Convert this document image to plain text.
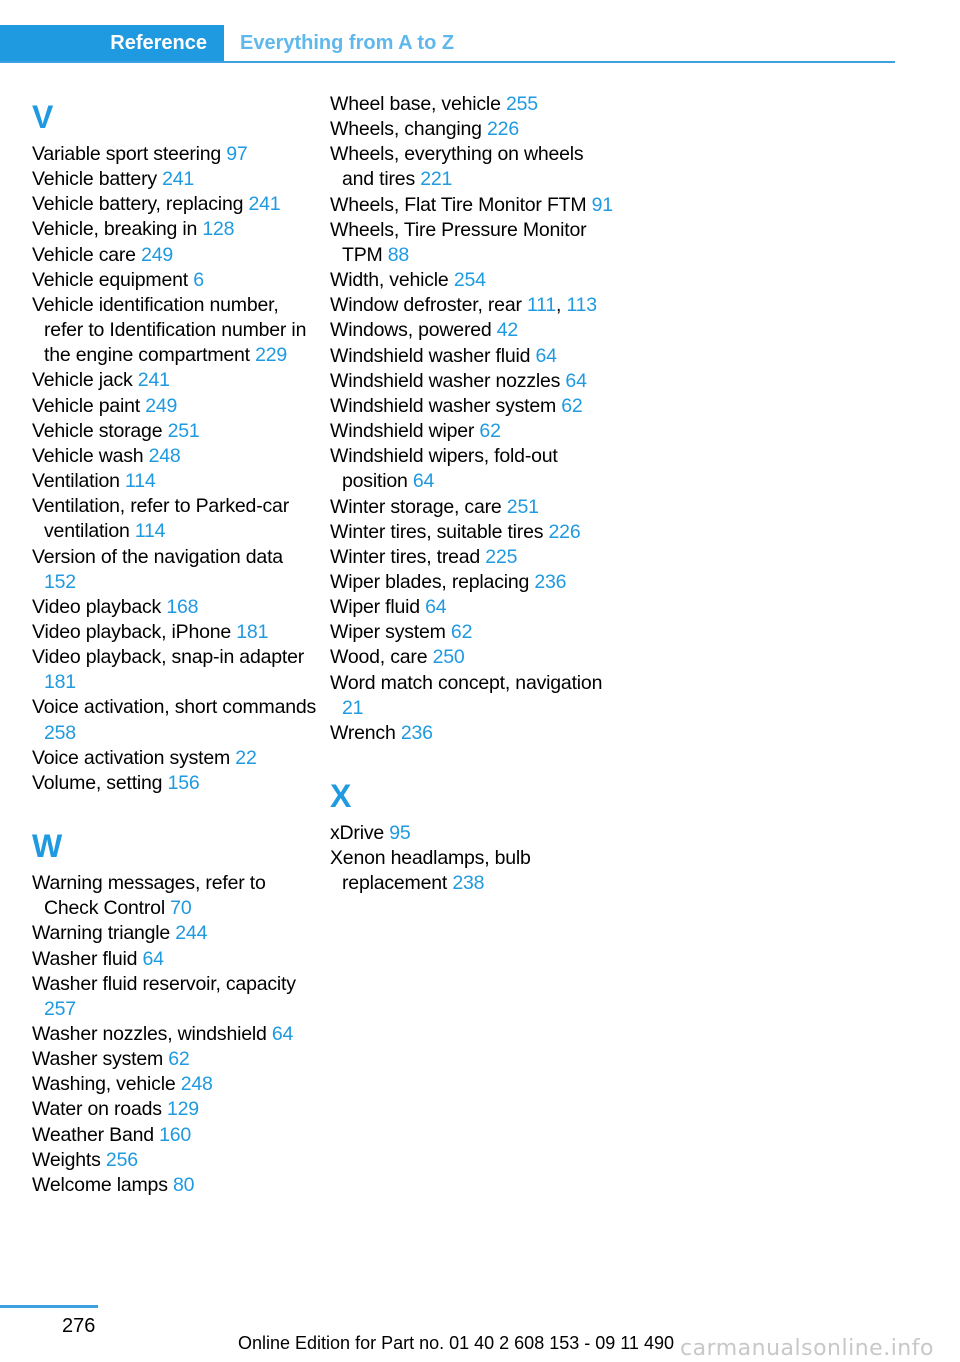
Reference	Everything from A to Z
V
Variable sport steering 97
Vehicle battery 241
Vehicle battery, replacing 241
Vehicle, breaking in 128
Vehicle care 249
Vehicle equipment 6
Vehicle identification number, refer to Identification number in the engine compartment 229
Vehicle jack 241
Vehicle paint 249
Vehicle storage 251
Vehicle wash 248
Ventilation 114
Ventilation, refer to Parked-car ventilation 114
Version of the navigation data 152
Video playback 168
Video playback, iPhone 181
Video playback, snap-in adapter 181
Voice activation, short commands 258
Voice activation system 22
Volume, setting 156
W
Warning messages, refer to Check Control 70
Warning triangle 244
Washer fluid 64
Washer fluid reservoir, capacity 257
Washer nozzles, windshield 64
Washer system 62
Washing, vehicle 248
Water on roads 129
Weather Band 160
Weights 256
Welcome lamps 80
Wheel base, vehicle 255
Wheels, changing 226
Wheels, everything on wheels and tires 221
Wheels, Flat Tire Monitor FTM 91
Wheels, Tire Pressure Monitor TPM 88
Width, vehicle 254
Window defroster, rear 111, 113
Windows, powered 42
Windshield washer fluid 64
Windshield washer nozzles 64
Windshield washer system 62
Windshield wiper 62
Windshield wipers, fold-out position 64
Winter storage, care 251
Winter tires, suitable tires 226
Winter tires, tread 225
Wiper blades, replacing 236
Wiper fluid 64
Wiper system 62
Wood, care 250
Word match concept, navigation 21
Wrench 236
X
xDrive 95
Xenon headlamps, bulb replacement 238
276
Online Edition for Part no. 01 40 2 608 153 - 09 11 490 carmanualsonline.info
